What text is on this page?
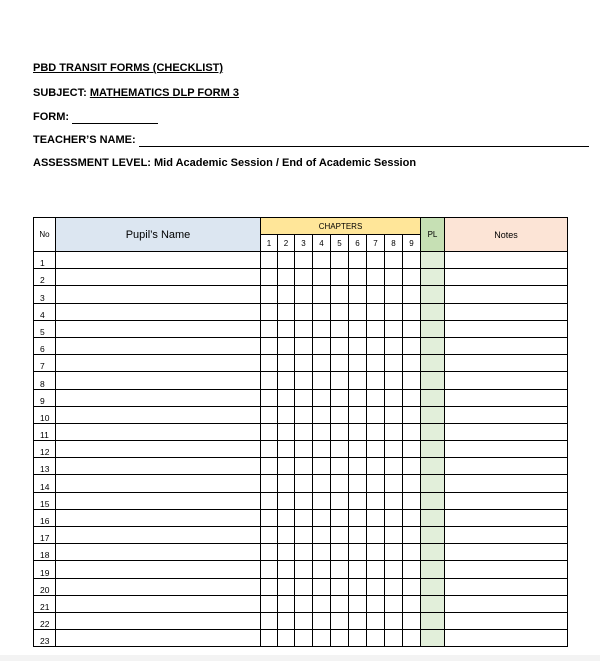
PBD TRANSIT FORMS (CHECKLIST)
SUBJECT: MATHEMATICS DLP FORM 3
FORM:
TEACHER’S NAME:
ASSESSMENT LEVEL: Mid Academic Session / End of Academic Session
No	Pupil’s Name	CHAPTERS									PL	Notes
		1	2	3	4	5	6	7	8	9		
1												
2												
3												
4												
5												
6												
7												
8												
9												
10												
11												
12												
13												
14												
15												
16												
17												
18												
19												
20												
21												
22												
23												
